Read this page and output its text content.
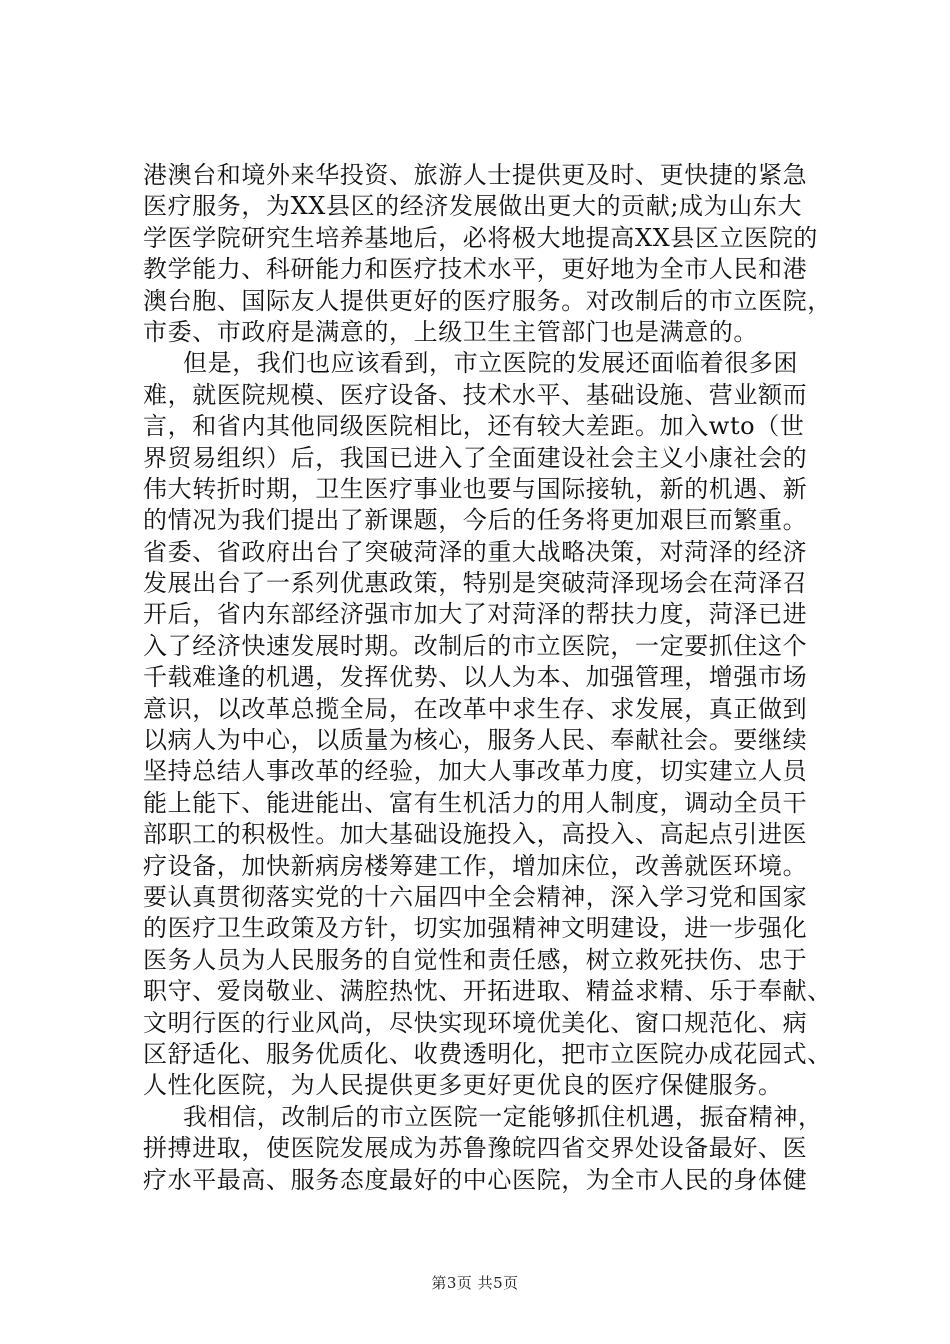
港澳台和境外来华投资、旅游人士提供更及时、更快捷的紧急
医疗服务，为XX县区的经济发展做出更大的贡献;成为山东大
学医学院研究生培养基地后，必将极大地提高XX县区立医院的
教学能力、科研能力和医疗技术水平，更好地为全市人民和港
澳台胞、国际友人提供更好的医疗服务。对改制后的市立医院，
市委、市政府是满意的，上级卫生主管部门也是满意的。
但是，我们也应该看到，市立医院的发展还面临着很多困
难，就医院规模、医疗设备、技术水平、基础设施、营业额而
言，和省内其他同级医院相比，还有较大差距。加入wto（世
界贸易组织）后，我国已进入了全面建设社会主义小康社会的
伟大转折时期，卫生医疗事业也要与国际接轨，新的机遇、新
的情况为我们提出了新课题，今后的任务将更加艰巨而繁重。
省委、省政府出台了突破菏泽的重大战略决策，对菏泽的经济
发展出台了一系列优惠政策，特别是突破菏泽现场会在菏泽召
开后，省内东部经济强市加大了对菏泽的帮扶力度，菏泽已进
入了经济快速发展时期。改制后的市立医院，一定要抓住这个
千载难逢的机遇，发挥优势、以人为本、加强管理，增强市场
意识，以改革总揽全局，在改革中求生存、求发展，真正做到
以病人为中心，以质量为核心，服务人民、奉献社会。要继续
坚持总结人事改革的经验，加大人事改革力度，切实建立人员
能上能下、能进能出、富有生机活力的用人制度，调动全员干
部职工的积极性。加大基础设施投入，高投入、高起点引进医
疗设备，加快新病房楼筹建工作，增加床位，改善就医环境。
要认真贯彻落实党的十六届四中全会精神，深入学习党和国家
的医疗卫生政策及方针，切实加强精神文明建设，进一步强化
医务人员为人民服务的自觉性和责任感，树立救死扶伤、忠于
职守、爱岗敬业、满腔热忱、开拓进取、精益求精、乐于奉献、
文明行医的行业风尚，尽快实现环境优美化、窗口规范化、病
区舒适化、服务优质化、收费透明化，把市立医院办成花园式、
人性化医院，为人民提供更多更好更优良的医疗保健服务。
我相信，改制后的市立医院一定能够抓住机遇，振奋精神，
拼搏进取，使医院发展成为苏鲁豫皖四省交界处设备最好、医
疗水平最高、服务态度最好的中心医院，为全市人民的身体健
第3页 共5页
